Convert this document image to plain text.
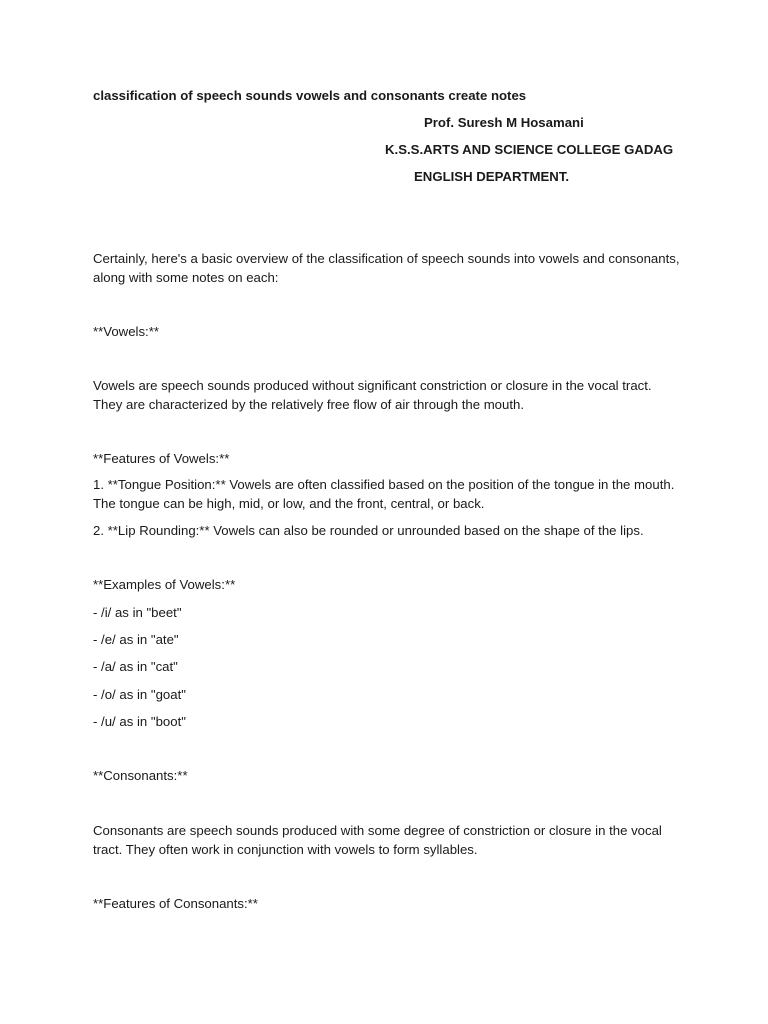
classification of speech sounds vowels and consonants create notes
Prof. Suresh M Hosamani
K.S.S.ARTS AND SCIENCE COLLEGE GADAG
ENGLISH DEPARTMENT.
Certainly, here's a basic overview of the classification of speech sounds into vowels and consonants, along with some notes on each:
**Vowels:**
Vowels are speech sounds produced without significant constriction or closure in the vocal tract. They are characterized by the relatively free flow of air through the mouth.
**Features of Vowels:**
1. **Tongue Position:** Vowels are often classified based on the position of the tongue in the mouth. The tongue can be high, mid, or low, and the front, central, or back.
2. **Lip Rounding:** Vowels can also be rounded or unrounded based on the shape of the lips.
**Examples of Vowels:**
- /i/ as in "beet"
- /e/ as in "ate"
- /a/ as in "cat"
- /o/ as in "goat"
- /u/ as in "boot"
**Consonants:**
Consonants are speech sounds produced with some degree of constriction or closure in the vocal tract. They often work in conjunction with vowels to form syllables.
**Features of Consonants:**
